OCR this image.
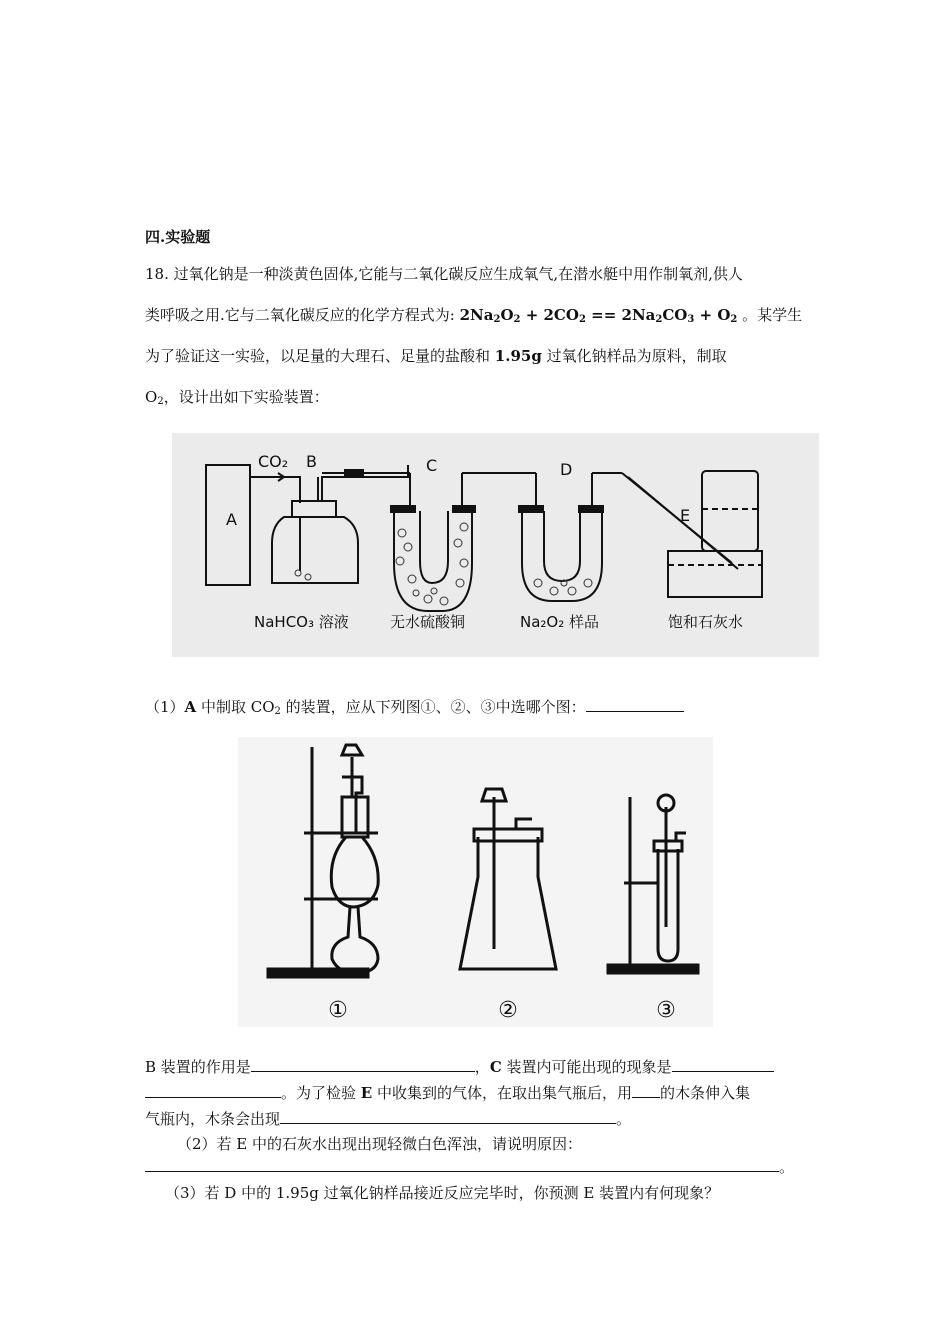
四.实验题
18. 过氧化钠是一种淡黄色固体,它能与二氧化碳反应生成氧气,在潜水艇中用作制氧剂,供人
类呼吸之用.它与二氧化碳反应的化学方程式为: $2Na_2O_2 + 2CO_2 == 2Na_2CO_3 + O_2$ 。某学生
为了验证这一实验，以足量的大理石、足量的盐酸和 1.95g 过氧化钠样品为原料，制取
$O_2$，设计出如下实验装置：
A
CO₂ B	C	D
E
NaHCO₃ 溶液	无水硫酸铜	Na₂O₂ 样品	饱和石灰水
（1）A 中制取 $CO_2$ 的装置，应从下列图①、②、③中选哪个图：
①	②	③
B 装置的作用是	，C 装置内可能出现的现象是
。为了检验 E 中收集到的气体，在取出集气瓶后，用 的木条伸入集
气瓶内，木条会出现	。
（2）若 E 中的石灰水出现出现轻微白色浑浊，请说明原因：
。
（3）若 D 中的 1.95g 过氧化钠样品接近反应完毕时，你预测 E 装置内有何现象？
